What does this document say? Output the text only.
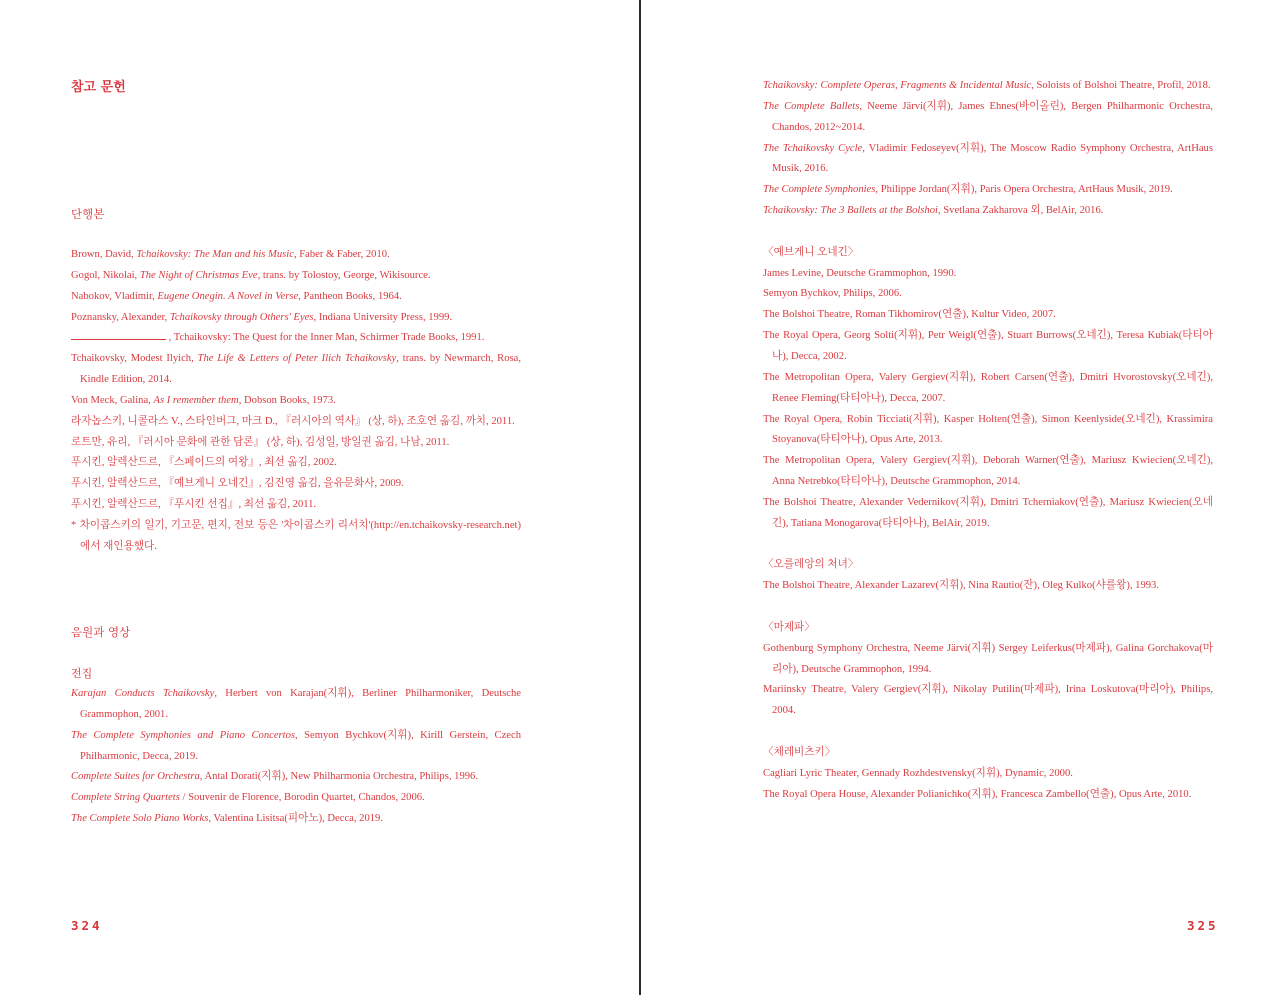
참고 문헌
단행본
Brown, David, Tchaikovsky: The Man and his Music, Faber & Faber, 2010.
Gogol, Nikolai, The Night of Christmas Eve, trans. by Tolostoy, George, Wikisource.
Nabokov, Vladimir, Eugene Onegin. A Novel in Verse, Pantheon Books, 1964.
Poznansky, Alexander, Tchaikovsky through Others' Eyes, Indiana University Press, 1999.
, Tchaikovsky: The Quest for the Inner Man, Schirmer Trade Books, 1991.
Tchaikovsky, Modest Ilyich, The Life & Letters of Peter Ilich Tchaikovsky, trans. by Newmarch, Rosa, Kindle Edition, 2014.
Von Meck, Galina, As I remember them, Dobson Books, 1973.
라자놉스키, 니콜라스 V., 스타인버그, 마크 D., 『러시아의 역사』 (상, 하), 조호연 옮김, 까치, 2011.
로트만, 유리, 『러시아 문화에 관한 담론』 (상, 하), 김성일, 방일권 옮김, 나남, 2011.
푸시킨, 알렉산드르, 『스페이드의 여왕』, 최선 옮김, 2002.
푸시킨, 알렉산드르, 『예브게니 오네긴』, 김진영 옮김, 을유문화사, 2009.
푸시킨, 알렉산드르, 『푸시킨 선집』, 최선 옮김, 2011.
* 차이콥스키의 일기, 기고문, 편지, 전보 등은 '차이콥스키 리서치'(http://en.tchaikovsky-research.net)에서 재인용했다.
음원과 영상
전집
Karajan Conducts Tchaikovsky, Herbert von Karajan(지휘), Berliner Philharmoniker, Deutsche Grammophon, 2001.
The Complete Symphonies and Piano Concertos, Semyon Bychkov(지휘), Kirill Gerstein, Czech Philharmonic, Decca, 2019.
Complete Suites for Orchestra, Antal Dorati(지휘), New Philharmonia Orchestra, Philips, 1996.
Complete String Quartets / Souvenir de Florence, Borodin Quartet, Chandos, 2006.
The Complete Solo Piano Works, Valentina Lisitsa(피아노), Decca, 2019.
324
Tchaikovsky: Complete Operas, Fragments & Incidental Music, Soloists of Bolshoi Theatre, Profil, 2018.
The Complete Ballets, Neeme Järvi(지휘), James Ehnes(바이올린), Bergen Philharmonic Orchestra, Chandos, 2012~2014.
The Tchaikovsky Cycle, Vladimir Fedoseyev(지휘), The Moscow Radio Symphony Orchestra, ArtHaus Musik, 2016.
The Complete Symphonies, Philippe Jordan(지휘), Paris Opera Orchestra, ArtHaus Musik, 2019.
Tchaikovsky: The 3 Ballets at the Bolshoi, Svetlana Zakharova 외, BelAir, 2016.
〈예브게니 오네긴〉
James Levine, Deutsche Grammophon, 1990.
Semyon Bychkov, Philips, 2006.
The Bolshoi Theatre, Roman Tikhomirov(연출), Kultur Video, 2007.
The Royal Opera, Georg Solti(지휘), Petr Weigl(연출), Stuart Burrows(오네긴), Teresa Kubiak(타티아나), Decca, 2002.
The Metropolitan Opera, Valery Gergiev(지휘), Robert Carsen(연출), Dmitri Hvorostovsky(오네긴), Renee Fleming(타티아나), Decca, 2007.
The Royal Opera, Robin Ticciati(지휘), Kasper Holten(연출), Simon Keenlyside(오네긴), Krassimira Stoyanova(타티아나), Opus Arte, 2013.
The Metropolitan Opera, Valery Gergiev(지휘), Deborah Warner(연출), Mariusz Kwiecien(오네긴), Anna Netrebko(타티아나), Deutsche Grammophon, 2014.
The Bolshoi Theatre, Alexander Vedernikov(지휘), Dmitri Tcherniakov(연출), Mariusz Kwiecien(오네긴), Tatiana Monogarova(타티아나), BelAir, 2019.
〈오를레앙의 처녀〉
The Bolshoi Theatre, Alexander Lazarev(지휘), Nina Rautio(잔), Oleg Kulko(샤를왕), 1993.
〈마제파〉
Gothenburg Symphony Orchestra, Neeme Järvi(지휘) Sergey Leiferkus(마제파), Galina Gorchakova(마리아), Deutsche Grammophon, 1994.
Mariinsky Theatre, Valery Gergiev(지휘), Nikolay Putilin(마제파), Irina Loskutova(마리아), Philips, 2004.
〈체레비츠키〉
Cagliari Lyric Theater, Gennady Rozhdestvensky(지휘), Dynamic, 2000.
The Royal Opera House, Alexander Polianichko(지휘), Francesca Zambello(연출), Opus Arte, 2010.
325
